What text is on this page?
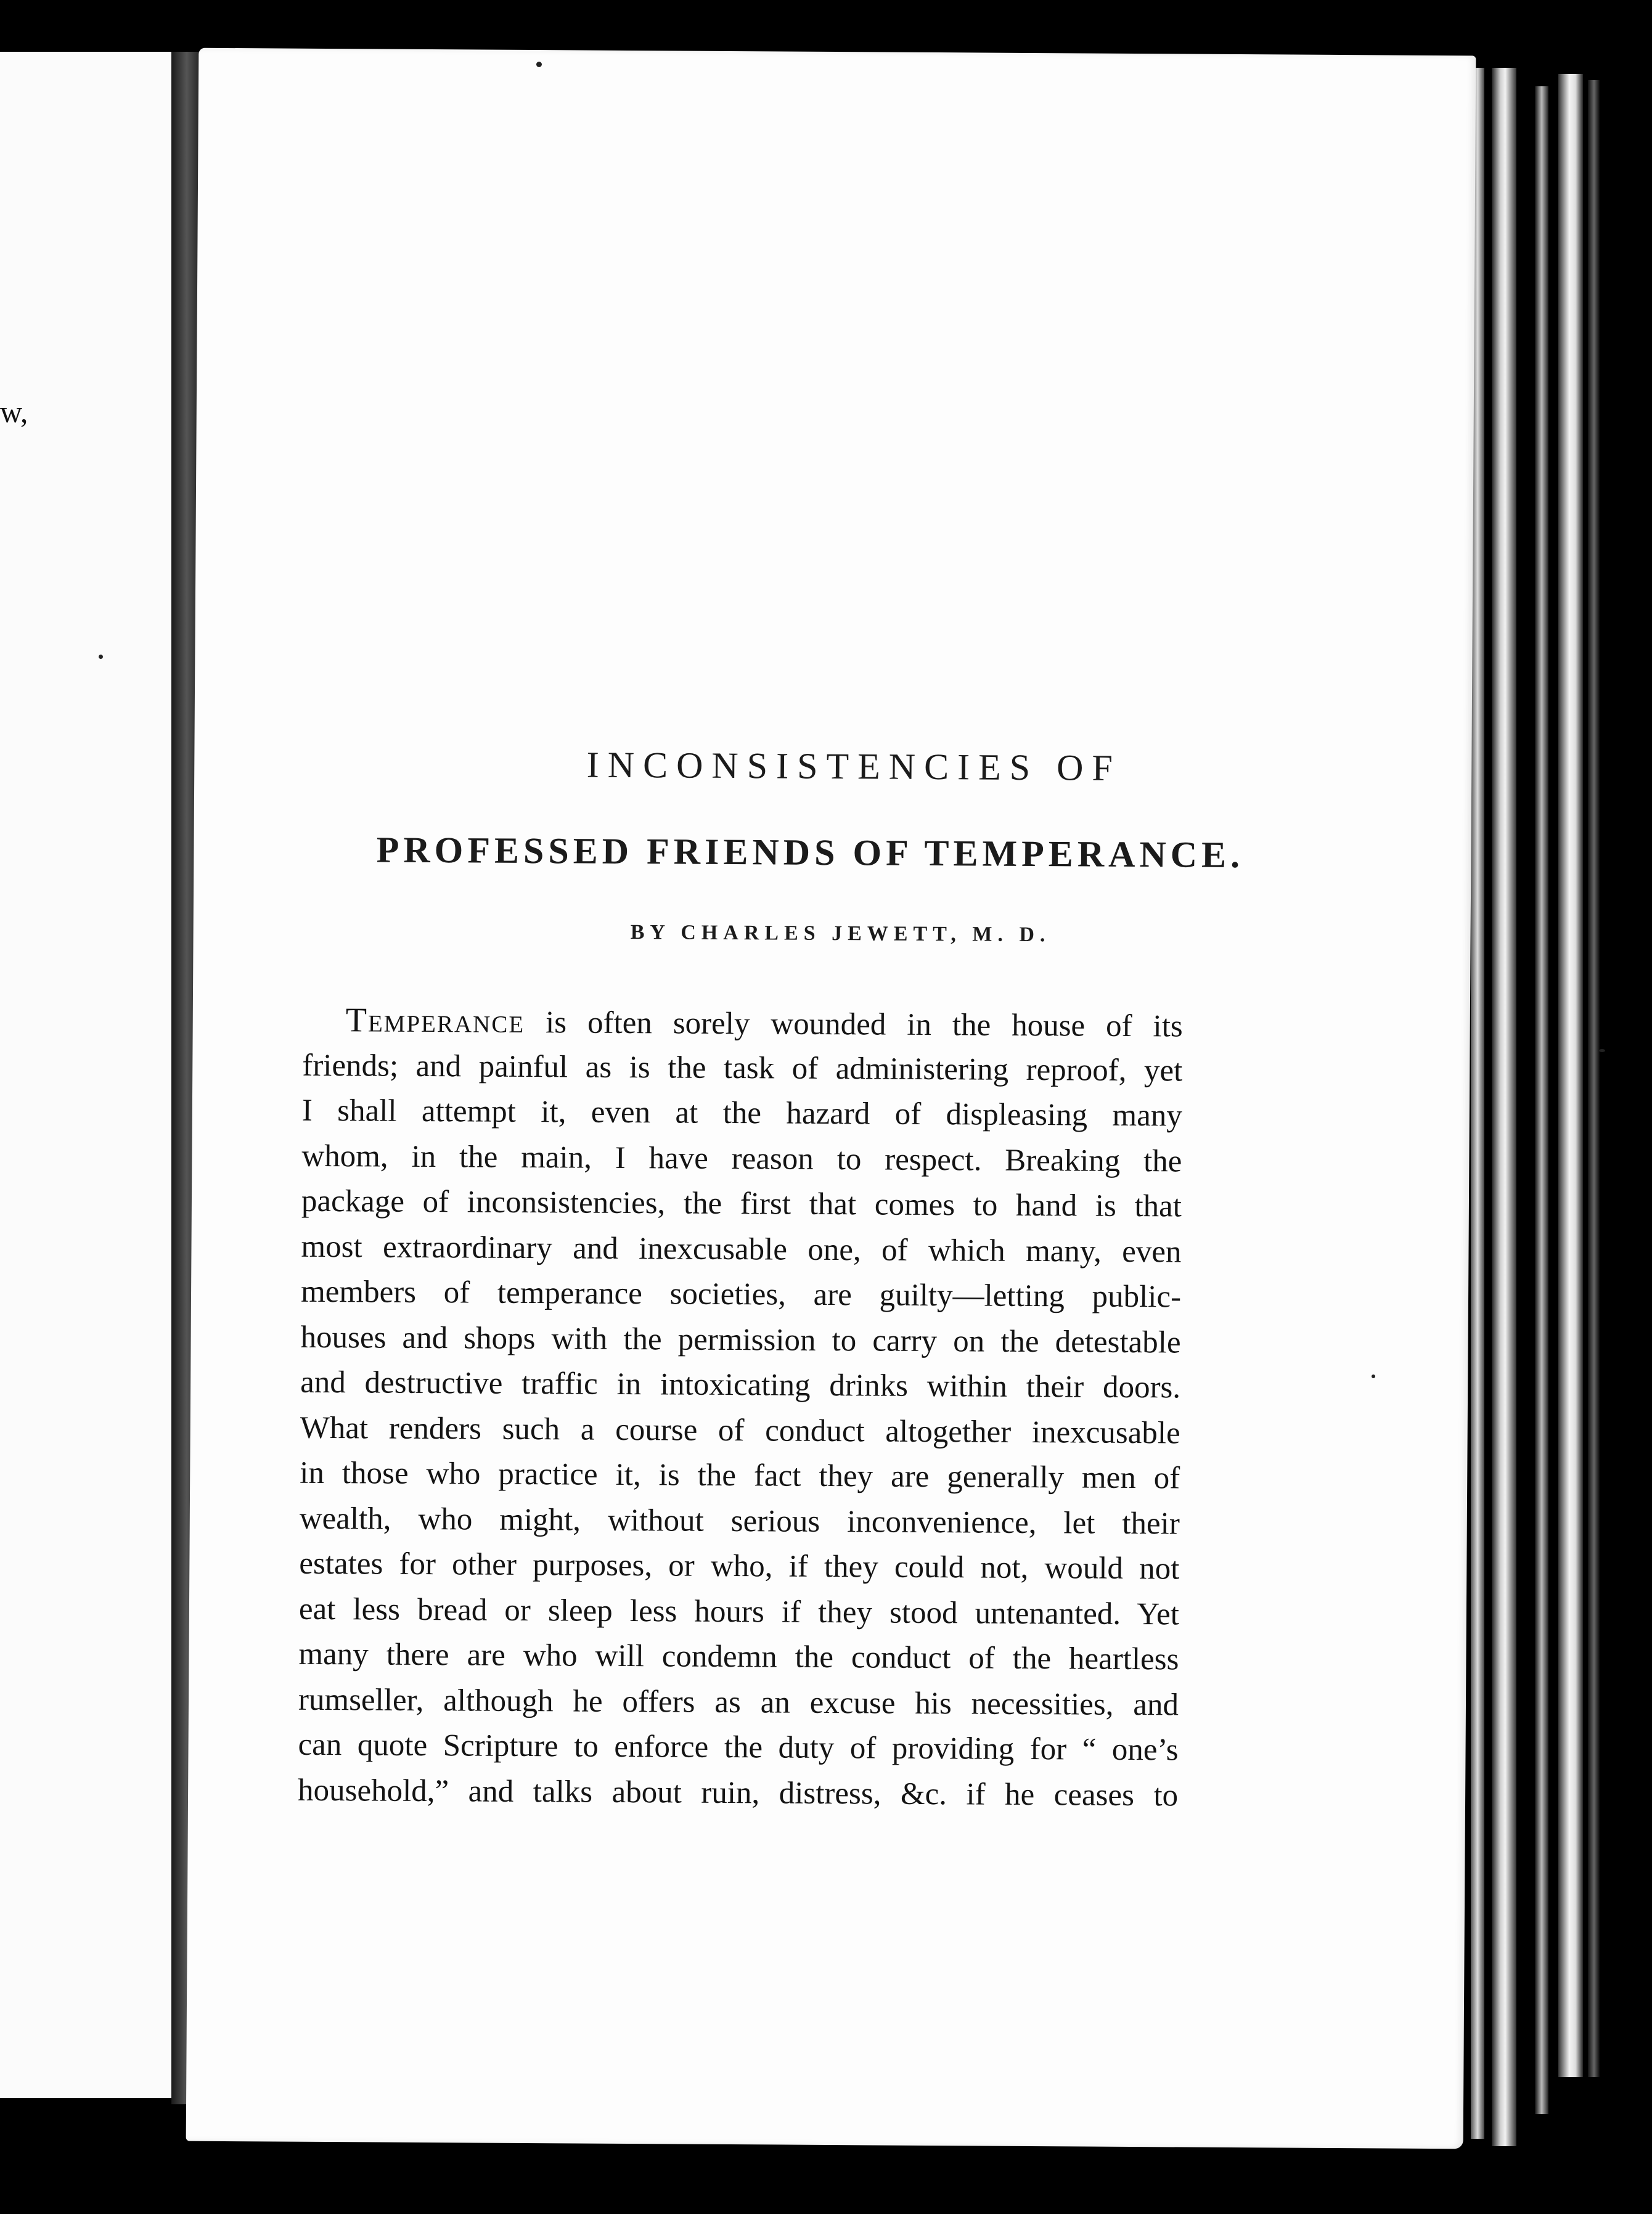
w,
INCONSISTENCIES OF
PROFESSED FRIENDS OF TEMPERANCE.
BY CHARLES JEWETT, M. D.
Temperance is often sorely wounded in the house of its
friends; and painful as is the task of administering reproof, yet
I shall attempt it, even at the hazard of displeasing many
whom, in the main, I have reason to respect. Breaking the
package of inconsistencies, the first that comes to hand is that
most extraordinary and inexcusable one, of which many, even
members of temperance societies, are guilty—letting public-
houses and shops with the permission to carry on the detestable
and destructive traffic in intoxicating drinks within their doors.
What renders such a course of conduct altogether inexcusable
in those who practice it, is the fact they are generally men of
wealth, who might, without serious inconvenience, let their
estates for other purposes, or who, if they could not, would not
eat less bread or sleep less hours if they stood untenanted. Yet
many there are who will condemn the conduct of the heartless
rumseller, although he offers as an excuse his necessities, and
can quote Scripture to enforce the duty of providing for “ one’s
household,” and talks about ruin, distress, &c. if he ceases to
